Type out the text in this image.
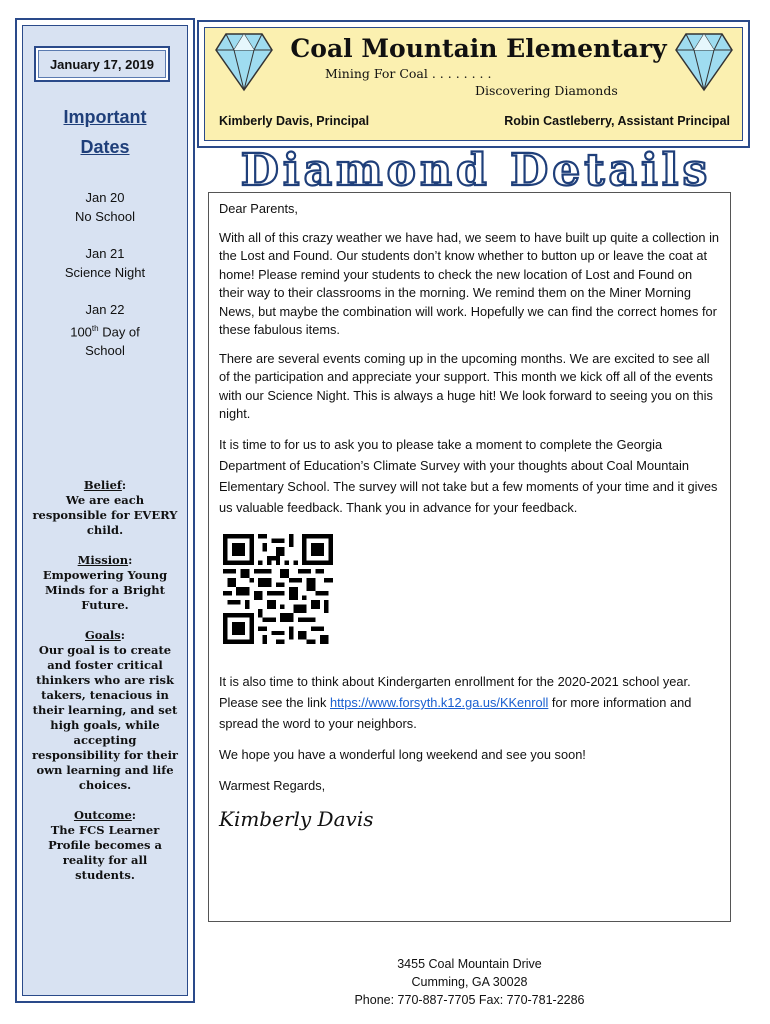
January 17, 2019
Important
Dates
Jan 20
No School
Jan 21
Science Night
Jan 22
100th Day of
School
Belief:
We are each responsible for EVERY child.
Mission:
Empowering Young Minds for a Bright Future.
Goals:
Our goal is to create and foster critical thinkers who are risk takers, tenacious in their learning, and set high goals, while accepting responsibility for their own learning and life choices.
Outcome:
The FCS Learner Profile becomes a reality for all students.
Coal Mountain Elementary
Mining For Coal . . . . . . . .
Discovering Diamonds
Kimberly Davis, Principal	Robin Castleberry, Assistant Principal
Diamond Details

Dear Parents,

With all of this crazy weather we have had, we seem to have built up quite a collection in the Lost and Found. Our students don’t know whether to button up or leave the coat at home! Please remind your students to check the new location of Lost and Found on their way to their classrooms in the morning. We remind them on the Miner Morning News, but maybe the combination will work. Hopefully we can find the correct homes for these fabulous items.

There are several events coming up in the upcoming months. We are excited to see all of the participation and appreciate your support. This month we kick off all of the events with our Science Night. This is always a huge hit! We look forward to seeing you on this night.

It is time to for us to ask you to please take a moment to complete the Georgia Department of Education’s Climate Survey with your thoughts about Coal Mountain Elementary School. The survey will not take but a few moments of your time and it gives us valuable feedback. Thank you in advance for your feedback.

It is also time to think about Kindergarten enrollment for the 2020-2021 school year. Please see the link https://www.forsyth.k12.ga.us/KKenroll for more information and spread the word to your neighbors.

We hope you have a wonderful long weekend and see you soon!

Warmest Regards,

Kimberly Davis
3455 Coal Mountain Drive
Cumming, GA 30028
Phone: 770-887-7705 Fax: 770-781-2286
